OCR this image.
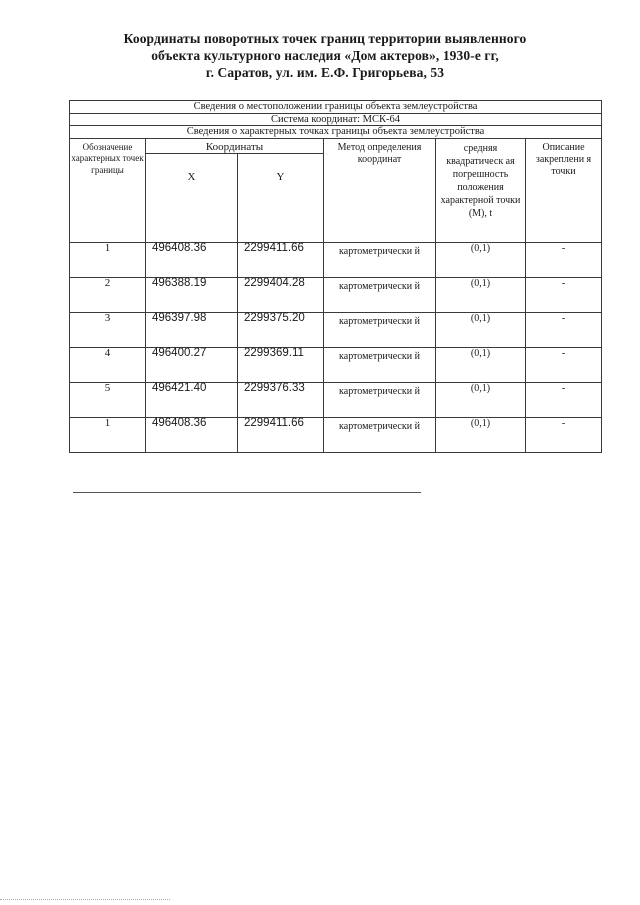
Координаты поворотных точек границ территории выявленного
объекта культурного наследия «Дом актеров», 1930-е гг,
г. Саратов, ул. им. Е.Ф. Григорьева, 53
Сведения о местоположении границы объекта землеустройства					
Система координат: МСК-64					
Сведения о характерных точках границы объекта землеустройства					
Обозначение характерных точек границы	Координаты		Метод определения координат	средняя квадратическ ая погрешность положения характерной точки (М), t	Описание закреплени я точки
	X	Y			
1	496408.36	2299411.66	картометрически й	(0,1)	-
2	496388.19	2299404.28	картометрически й	(0,1)	-
3	496397.98	2299375.20	картометрически й	(0,1)	-
4	496400.27	2299369.11	картометрически й	(0,1)	-
5	496421.40	2299376.33	картометрически й	(0,1)	-
1	496408.36	2299411.66	картометрически й	(0,1)	-
